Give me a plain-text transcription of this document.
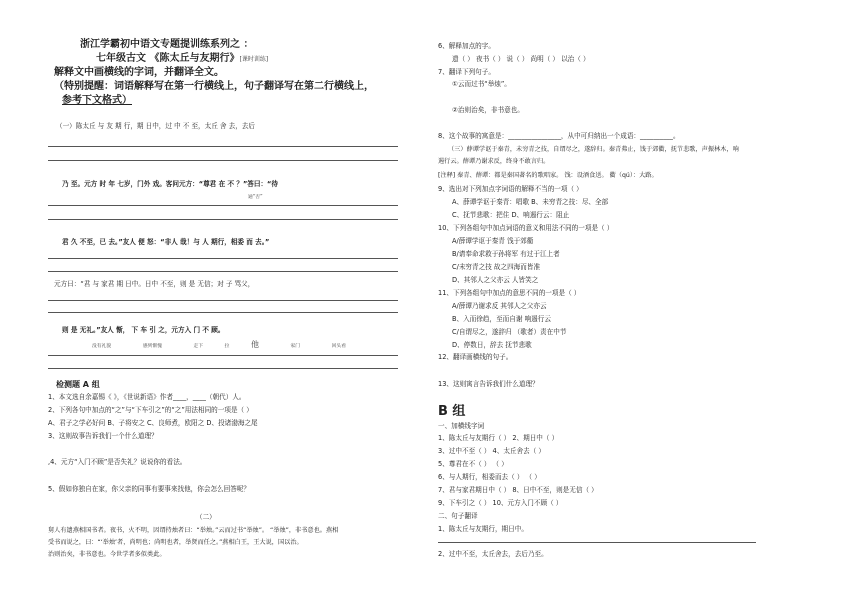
浙江学霸初中语文专题提训练系列之 ：
七年级古文 《陈太丘与友期行》[课时训练]
解释文中画横线的字词，并翻译全文。
（特别提醒：词语解释写在第一行横线上，句子翻译写在第二行横线上，
参考下文格式）
（一）陈太丘 与 友 期 行，期 日中，过 中 不 至，太丘 舍 去，去后
乃 至。元方 时 年 七岁，门外 戏。客问元方：“尊君 在 不 ？”答曰：“待
通“否”
君 久 不至，已 去。”友人 便 怒：“非人 哉！与 人 期行，相委 而 去。”
元方曰：“君 与 家君 期 日中。日中 不至，则 是 无信；对 子 骂父，
则 是 无礼。”友人 惭， 下 车 引 之，元方入 门 不 顾。
没有礼貌	感到惭愧	走下	拉	他	家门	回头看
检测题 A 组
1、本文选自余嘉锡《 》，《世说新语》作者____，____（朝代）人。
2、下列各句中加点的“之”与“下车引之”的“之”用法相同的一项是（ ）
A、君子之学必好问 B、子将安之 C、良师煮，欧阳之 D、投诸渤海之尾
3、这则故事告诉我们一个什么道理？
,4、元方“入门不顾”是否失礼？说说你的看法。
5、假如你独自在家，你父亲的同事有要事来找他，你会怎么回答呢？
（二）
舅人有遗燕相国书者。夜书，火不明，因谓持烛者曰：“举烛。”云而过书“举烛”。 “举烛”，非书意也。燕相
受书而说之，曰：“‘举烛’者，尚明也；尚明也者，举贤而任之。”燕相白王，王大说，国以治。
治则治矣，非书意也。今世学者多似类此。
6、解释加点的字。
遗（ ） 夜书（ ） 说（ ） 尚明（ ） 以治（ ）
7、翻译下列句子。
①云而过书“举烛”。
②治则治矣，非书意也。
8、这个故事的寓意是：________________，从中可归纳出一个成语：__________。
（三）薛谭学讴于秦青，未穷青之技，自谓尽之，遂辞归。秦青弗止，饯于郊衢，抚节悲歌，声振林木，响
遏行云。薛谭乃谢求反，终身不敢言归。
[注释] 秦青、薛谭：都是秦国著名的歌唱家。 饯：设酒食送。 衢（qú）：大路。
9、选出对下列加点字词语的解释不当的一项（ ）
A、薛谭学讴于秦青：唱歌 B、未穷青之技：尽、全部
C、抚节悲歌：把住 D、响遏行云：阻止
10、下列各组句中加点词语的意义和用法不同的一项是（ ）
A/薛谭学讴于秦青 饯于郊衢
B/请奉命求救于孙将军 有过于江上者
C/未穷青之技 故之四海而皆准
D、其邻人之父亦云 人皆笑之
11、下列各组句中加点的意思不同的一项是（ ）
A/薛谭乃谢求反 其邻人之父亦云
B、入而徐趋，至而自谢 响遏行云
C/自谓尽之，遂辞归 （歌者）责在中节
D、停数日，辞去 抚节悲歌
12、翻译画横线的句子。
13、这则寓言告诉我们什么道理？
B 组
一、加横线字词
1、陈太丘与友期行（ ） 2、期日中（ ）
3、过中不至（ ） 4、太丘舍去（ ）
5、尊君在不（ ） （ ）
6、与人期行，相委而去（ ） （ ）
7、君与家君期日中（ ） 8、日中不至，则是无信（ ）
9、下车引之（ ） 10、元方入门不顾（ ）
二、句子翻译
1、陈太丘与友期行，期日中。
2、过中不至，太丘舍去，去后乃至。
